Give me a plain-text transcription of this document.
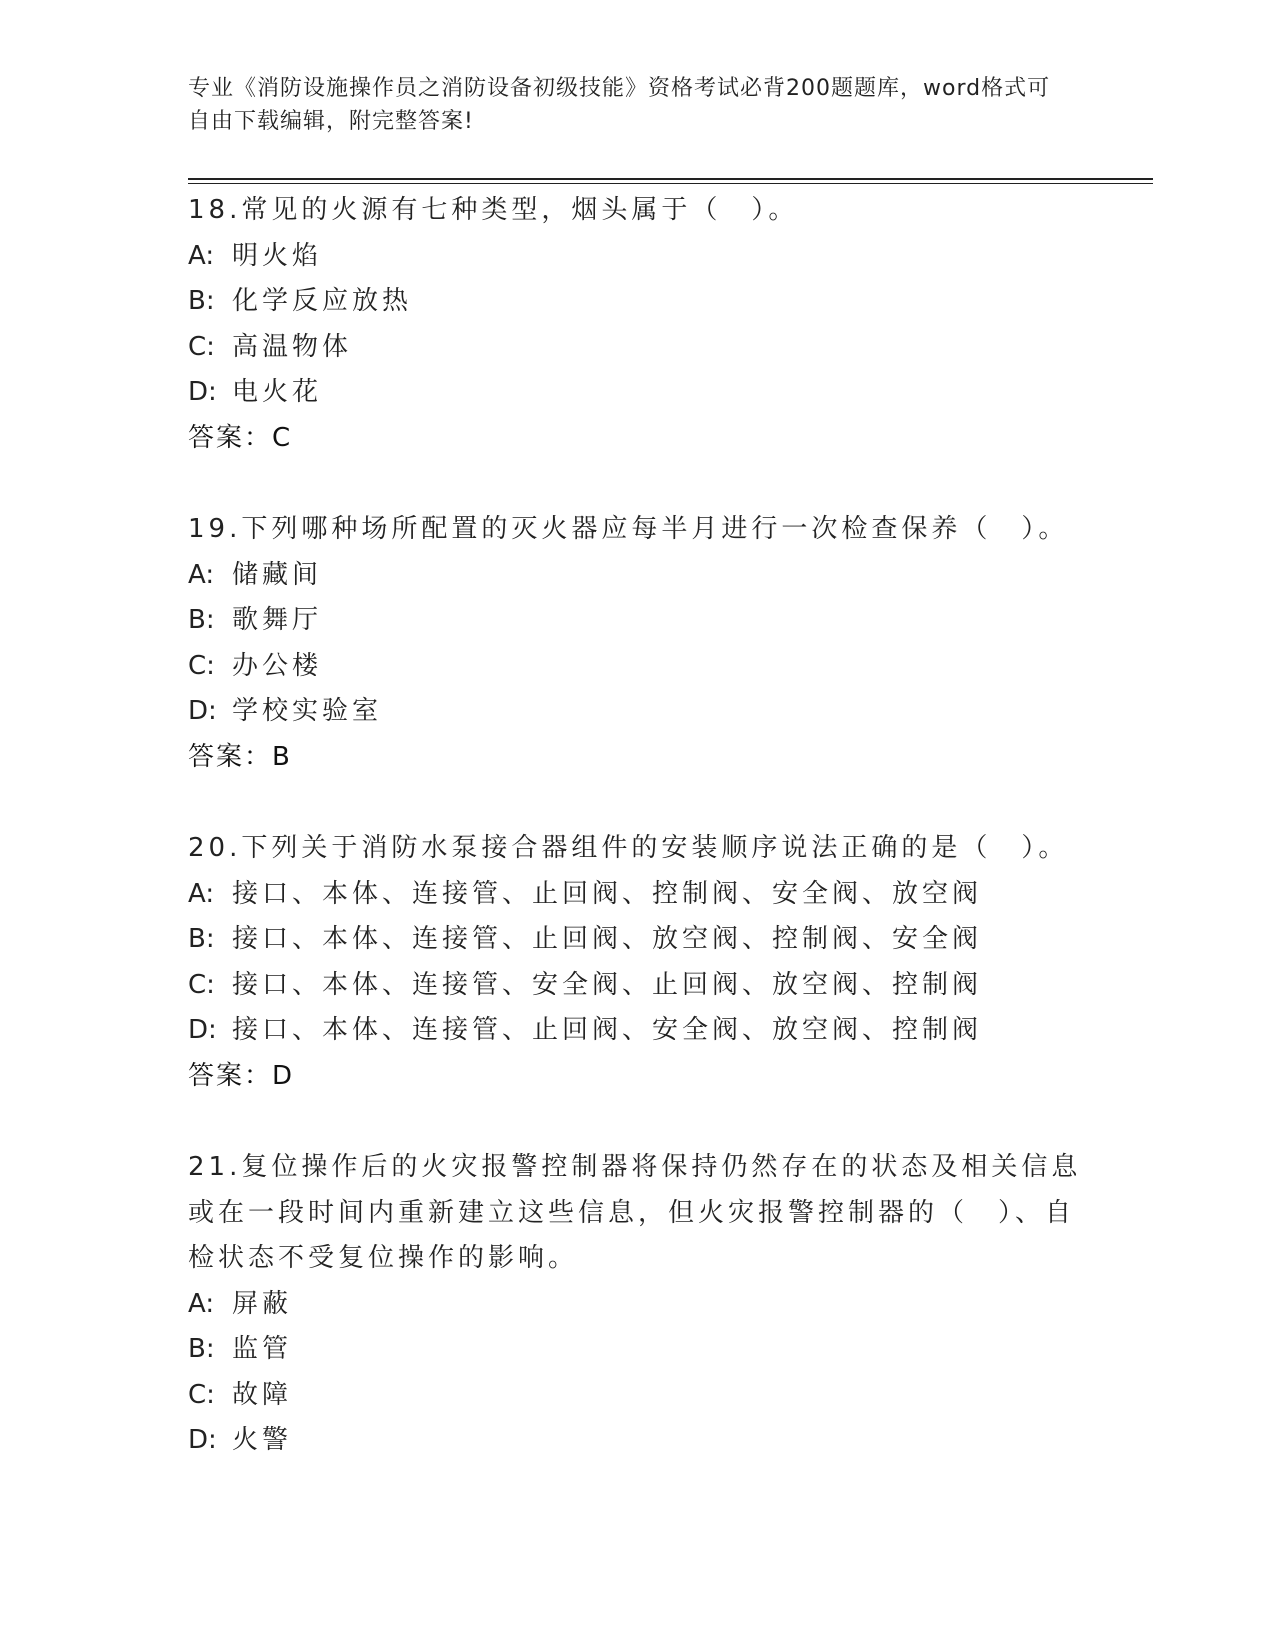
专业《消防设施操作员之消防设备初级技能》资格考试必背200题题库，word格式可自由下载编辑，附完整答案!
18.常见的火源有七种类型，烟头属于（　）。
A: 明火焰
B: 化学反应放热
C: 高温物体
D: 电火花
答案：C
19.下列哪种场所配置的灭火器应每半月进行一次检查保养（　）。
A: 储藏间
B: 歌舞厅
C: 办公楼
D: 学校实验室
答案：B
20.下列关于消防水泵接合器组件的安装顺序说法正确的是（　）。
A: 接口、本体、连接管、止回阀、控制阀、安全阀、放空阀
B: 接口、本体、连接管、止回阀、放空阀、控制阀、安全阀
C: 接口、本体、连接管、安全阀、止回阀、放空阀、控制阀
D: 接口、本体、连接管、止回阀、安全阀、放空阀、控制阀
答案：D
21.复位操作后的火灾报警控制器将保持仍然存在的状态及相关信息或在一段时间内重新建立这些信息，但火灾报警控制器的（　）、自检状态不受复位操作的影响。
A: 屏蔽
B: 监管
C: 故障
D: 火警
